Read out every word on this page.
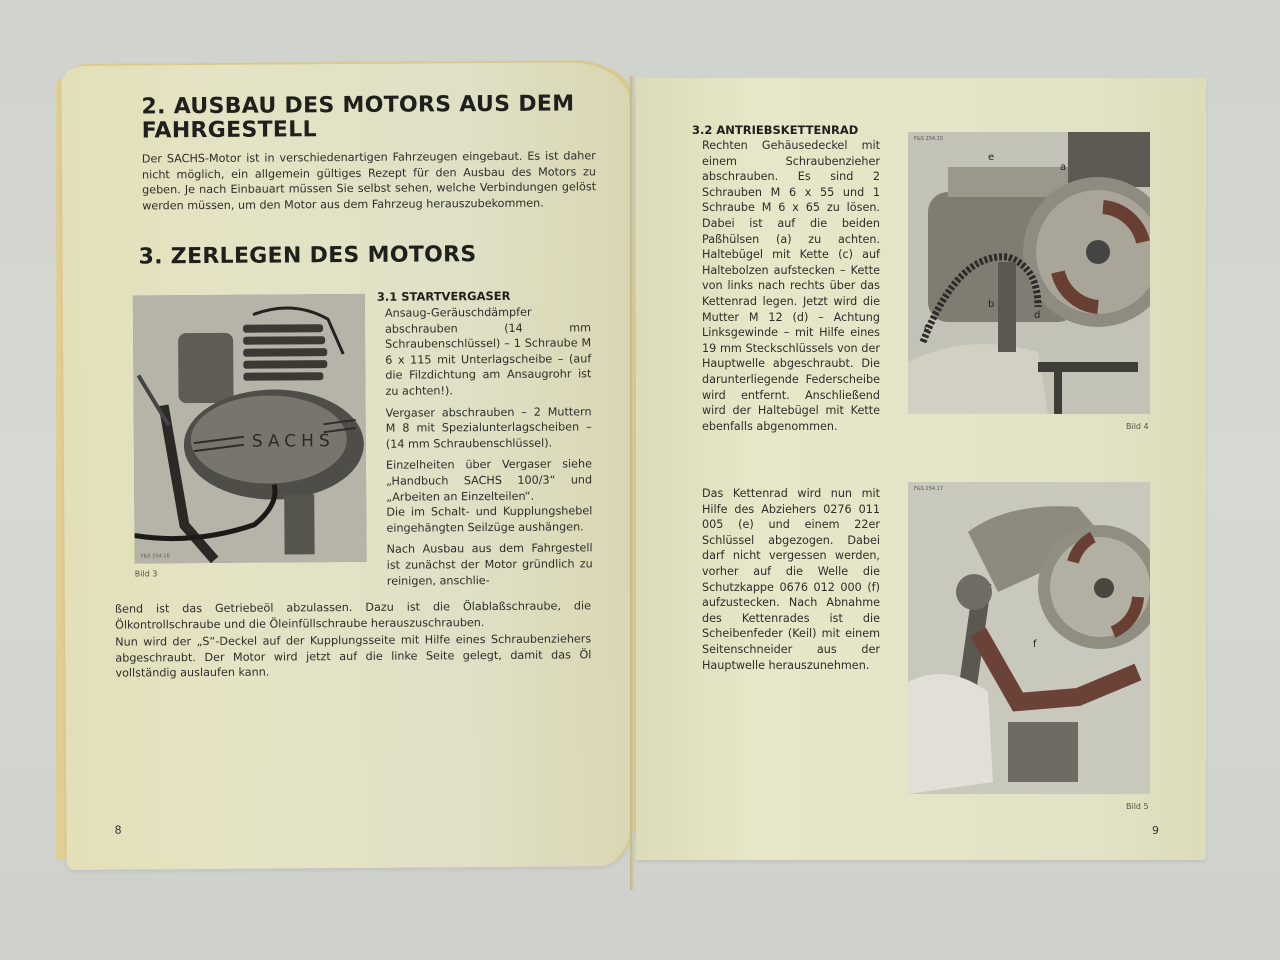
2. AUSBAU DES MOTORS AUS DEM
FAHRGESTELL
Der SACHS-Motor ist in verschiedenartigen Fahrzeugen eingebaut. Es ist daher nicht möglich, ein allgemein gültiges Rezept für den Ausbau des Motors zu geben. Je nach Einbauart müssen Sie selbst sehen, welche Verbindungen gelöst werden müssen, um den Motor aus dem Fahrzeug herauszubekommen.
3. ZERLEGEN DES MOTORS
SACHS
F&S 254.16
Bild 3
3.1 STARTVERGASER

Ansaug-Geräuschdämpfer abschrauben (14 mm Schraubenschlüssel) – 1 Schraube M 6 x 115 mit Unterlagscheibe – (auf die Filzdichtung am Ansaugrohr ist zu achten!).

Vergaser abschrauben – 2 Muttern M 8 mit Spezialunterlagscheiben – (14 mm Schraubenschlüssel).

Einzelheiten über Vergaser siehe „Handbuch SACHS 100/3“ und „Arbeiten an Einzelteilen“.

Die im Schalt- und Kupplungshebel eingehängten Seilzüge aushängen.

Nach Ausbau aus dem Fahrgestell ist zunächst der Motor gründlich zu reinigen, anschlie-

ßend ist das Getriebeöl abzulassen. Dazu ist die Ölablaßschraube, die Ölkontrollschraube und die Öleinfüllschraube herauszuschrauben.

Nun wird der „S“-Deckel auf der Kupplungsseite mit Hilfe eines Schraubenziehers abgeschraubt. Der Motor wird jetzt auf die linke Seite gelegt, damit das Öl vollständig auslaufen kann.

8
3.2 ANTRIEBSKETTENRAD
Rechten Gehäusedeckel mit einem Schraubenzieher abschrauben. Es sind 2 Schrauben M 6 x 55 und 1 Schraube M 6 x 65 zu lösen. Dabei ist auf die beiden Paßhülsen (a) zu achten. Haltebügel mit Kette (c) auf Haltebolzen aufstecken – Kette von links nach rechts über das Kettenrad legen. Jetzt wird die Mutter M 12 (d) – Achtung Linksgewinde – mit Hilfe eines 19 mm Steckschlüssels von der Hauptwelle abgeschraubt. Die darunterliegende Federscheibe wird entfernt. Anschließend wird der Haltebügel mit Kette ebenfalls abgenommen.
e
a
b
c
d
F&S 254.15
Bild 4
Das Kettenrad wird nun mit Hilfe des Abziehers 0276 011 005 (e) und einem 22er Schlüssel abgezogen. Dabei darf nicht vergessen werden, vorher auf die Welle die Schutzkappe 0676 012 000 (f) aufzustecken. Nach Abnahme des Kettenrades ist die Scheibenfeder (Keil) mit einem Seitenschneider aus der Hauptwelle herauszunehmen.
f
F&S 254.17
Bild 5
9
